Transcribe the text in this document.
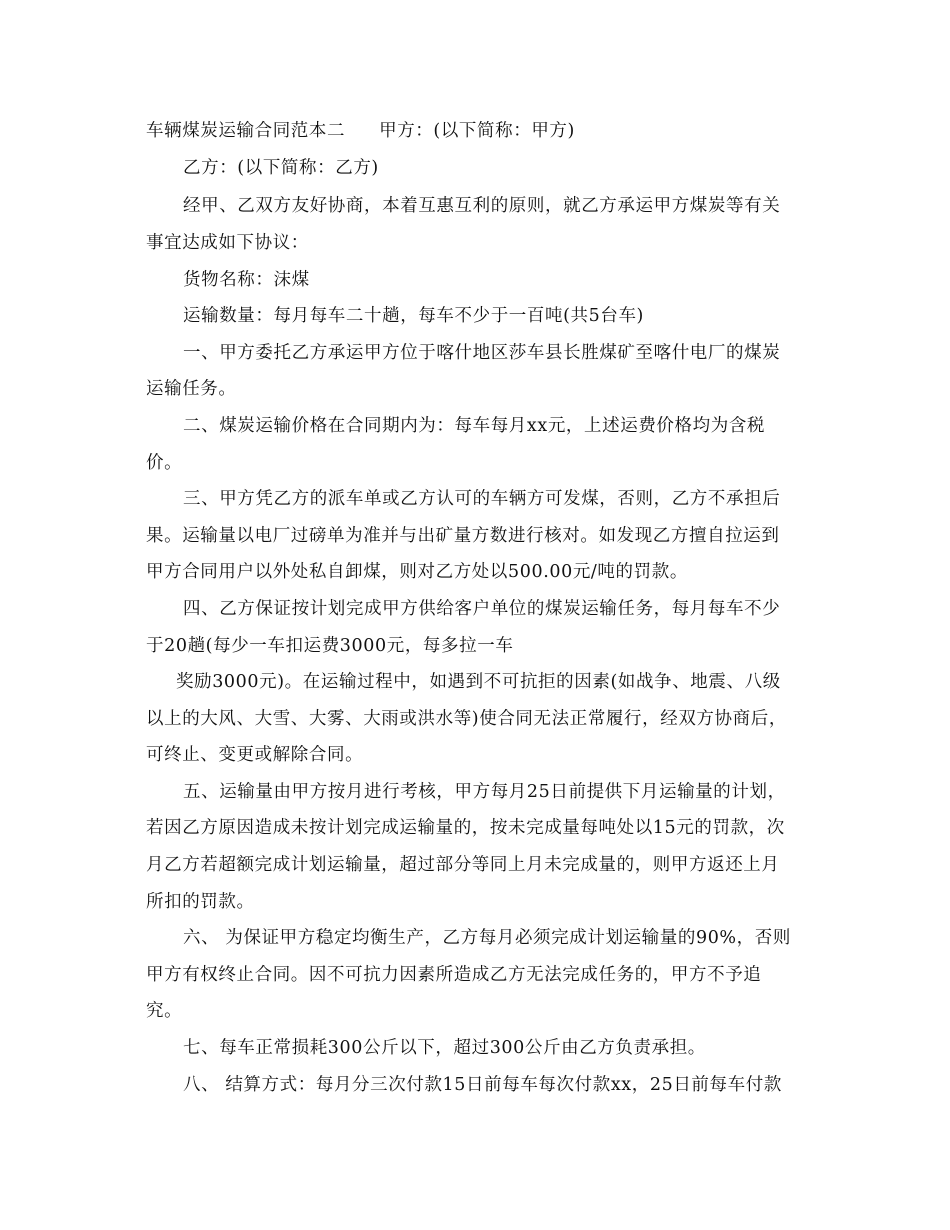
车辆煤炭运输合同范本二 甲方：(以下简称：甲方)
乙方：(以下简称：乙方)
经甲、乙双方友好协商，本着互惠互利的原则，就乙方承运甲方煤炭等有关
事宜达成如下协议：
货物名称：沫煤
运输数量：每月每车二十趟，每车不少于一百吨(共5台车)
一、甲方委托乙方承运甲方位于喀什地区莎车县长胜煤矿至喀什电厂的煤炭
运输任务。
二、煤炭运输价格在合同期内为：每车每月xx元，上述运费价格均为含税
价。
三、甲方凭乙方的派车单或乙方认可的车辆方可发煤，否则，乙方不承担后
果。运输量以电厂过磅单为准并与出矿量方数进行核对。如发现乙方擅自拉运到
甲方合同用户以外处私自卸煤，则对乙方处以500.00元/吨的罚款。
四、乙方保证按计划完成甲方供给客户单位的煤炭运输任务，每月每车不少
于20趟(每少一车扣运费3000元，每多拉一车
奖励3000元)。在运输过程中，如遇到不可抗拒的因素(如战争、地震、八级
以上的大风、大雪、大雾、大雨或洪水等)使合同无法正常履行，经双方协商后，
可终止、变更或解除合同。
五、运输量由甲方按月进行考核，甲方每月25日前提供下月运输量的计划，
若因乙方原因造成未按计划完成运输量的，按未完成量每吨处以15元的罚款，次
月乙方若超额完成计划运输量，超过部分等同上月未完成量的，则甲方返还上月
所扣的罚款。
六、 为保证甲方稳定均衡生产，乙方每月必须完成计划运输量的90%，否则
甲方有权终止合同。因不可抗力因素所造成乙方无法完成任务的，甲方不予追
究。
七、每车正常损耗300公斤以下，超过300公斤由乙方负责承担。
八、 结算方式：每月分三次付款15日前每车每次付款xx，25日前每车付款
